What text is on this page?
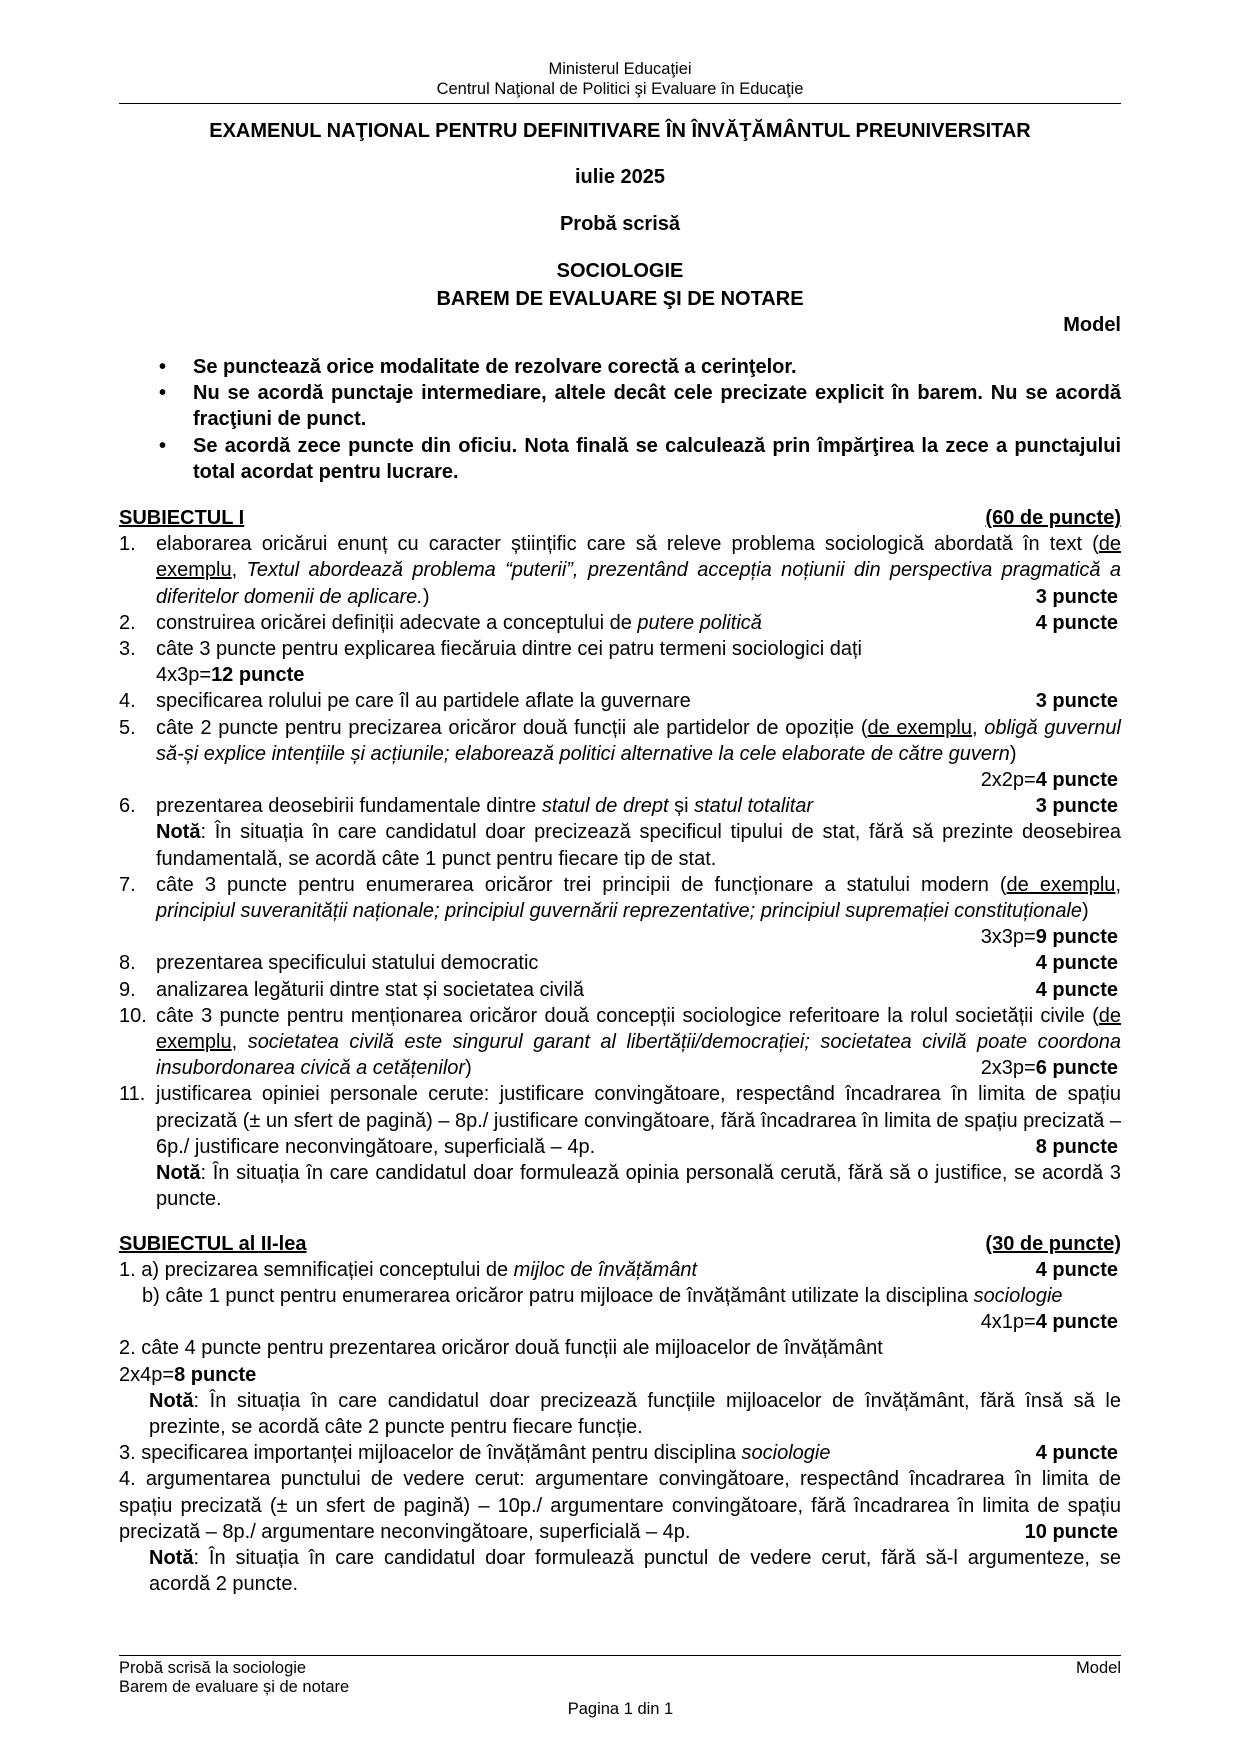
Ministerul Educaţiei
Centrul Naţional de Politici şi Evaluare în Educaţie
EXAMENUL NAŢIONAL PENTRU DEFINITIVARE ÎN ÎNVĂŢĂMÂNTUL PREUNIVERSITAR
iulie 2025
Probă scrisă
SOCIOLOGIE
BAREM DE EVALUARE ŞI DE NOTARE
Model
• Se punctează orice modalitate de rezolvare corectă a cerinţelor.
• Nu se acordă punctaje intermediare, altele decât cele precizate explicit în barem. Nu se acordă fracţiuni de punct.
• Se acordă zece puncte din oficiu. Nota finală se calculează prin împărţirea la zece a punctajului total acordat pentru lucrare.
SUBIECTUL I	(60 de puncte)
1. elaborarea oricărui enunț cu caracter științific care să releve problema sociologică abordată în text (de exemplu, Textul abordează problema “puterii”, prezentând accepția noțiunii din perspectiva pragmatică a diferitelor domenii de aplicare.)	3 puncte
2. construirea oricărei definiții adecvate a conceptului de putere politică	4 puncte
3. câte 3 puncte pentru explicarea fiecăruia dintre cei patru termeni sociologici dați
4x3p=12 puncte
4. specificarea rolului pe care îl au partidele aflate la guvernare	3 puncte
5. câte 2 puncte pentru precizarea oricăror două funcții ale partidelor de opoziție (de exemplu, obligă guvernul să-și explice intențiile și acțiunile; elaborează politici alternative la cele elaborate de către guvern)
2x2p=4 puncte
6. prezentarea deosebirii fundamentale dintre statul de drept și statul totalitar	3 puncte
Notă: În situația în care candidatul doar precizează specificul tipului de stat, fără să prezinte deosebirea fundamentală, se acordă câte 1 punct pentru fiecare tip de stat.
7. câte 3 puncte pentru enumerarea oricăror trei principii de funcționare a statului modern (de exemplu, principiul suveranității naționale; principiul guvernării reprezentative; principiul supremației constituționale)
3x3p=9 puncte
8. prezentarea specificului statului democratic	4 puncte
9. analizarea legăturii dintre stat și societatea civilă	4 puncte
10. câte 3 puncte pentru menționarea oricăror două concepții sociologice referitoare la rolul societății civile (de exemplu, societatea civilă este singurul garant al libertății/democrației; societatea civilă poate coordona insubordonarea civică a cetățenilor)	2x3p=6 puncte
11. justificarea opiniei personale cerute: justificare convingătoare, respectând încadrarea în limita de spațiu precizată (± un sfert de pagină) – 8p./ justificare convingătoare, fără încadrarea în limita de spațiu precizată – 6p./ justificare neconvingătoare, superficială – 4p.	8 puncte
Notă: În situația în care candidatul doar formulează opinia personală cerută, fără să o justifice, se acordă 3 puncte.
SUBIECTUL al II-lea	(30 de puncte)
1. a) precizarea semnificației conceptului de mijloc de învățământ	4 puncte
b) câte 1 punct pentru enumerarea oricăror patru mijloace de învățământ utilizate la disciplina sociologie
4x1p=4 puncte
2. câte 4 puncte pentru prezentarea oricăror două funcții ale mijloacelor de învățământ
2x4p=8 puncte
Notă: În situația în care candidatul doar precizează funcțiile mijloacelor de învățământ, fără însă să le prezinte, se acordă câte 2 puncte pentru fiecare funcție.
3. specificarea importanței mijloacelor de învățământ pentru disciplina sociologie	4 puncte
4. argumentarea punctului de vedere cerut: argumentare convingătoare, respectând încadrarea în limita de spațiu precizată (± un sfert de pagină) – 10p./ argumentare convingătoare, fără încadrarea în limita de spațiu precizată – 8p./ argumentare neconvingătoare, superficială – 4p.	10 puncte
Notă: În situația în care candidatul doar formulează punctul de vedere cerut, fără să-l argumenteze, se acordă 2 puncte.
Probă scrisă la sociologie
Barem de evaluare și de notare
Model
Pagina 1 din 1
